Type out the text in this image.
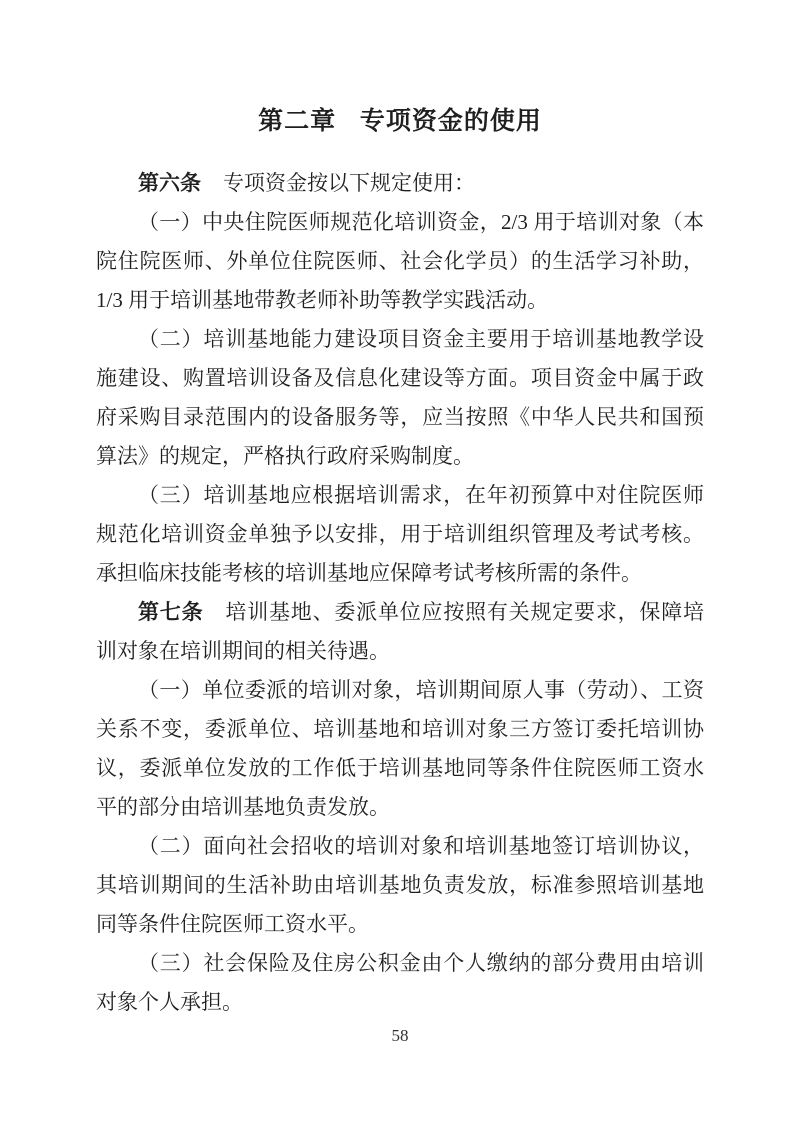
第二章 专项资金的使用

第六条 专项资金按以下规定使用：

（一）中央住院医师规范化培训资金，2/3 用于培训对象（本院住院医师、外单位住院医师、社会化学员）的生活学习补助，1/3 用于培训基地带教老师补助等教学实践活动。

（二）培训基地能力建设项目资金主要用于培训基地教学设施建设、购置培训设备及信息化建设等方面。项目资金中属于政府采购目录范围内的设备服务等，应当按照《中华人民共和国预算法》的规定，严格执行政府采购制度。

（三）培训基地应根据培训需求，在年初预算中对住院医师规范化培训资金单独予以安排，用于培训组织管理及考试考核。承担临床技能考核的培训基地应保障考试考核所需的条件。

第七条 培训基地、委派单位应按照有关规定要求，保障培训对象在培训期间的相关待遇。

（一）单位委派的培训对象，培训期间原人事（劳动）、工资关系不变，委派单位、培训基地和培训对象三方签订委托培训协议，委派单位发放的工作低于培训基地同等条件住院医师工资水平的部分由培训基地负责发放。

（二）面向社会招收的培训对象和培训基地签订培训协议，其培训期间的生活补助由培训基地负责发放，标准参照培训基地同等条件住院医师工资水平。

（三）社会保险及住房公积金由个人缴纳的部分费用由培训对象个人承担。

58
